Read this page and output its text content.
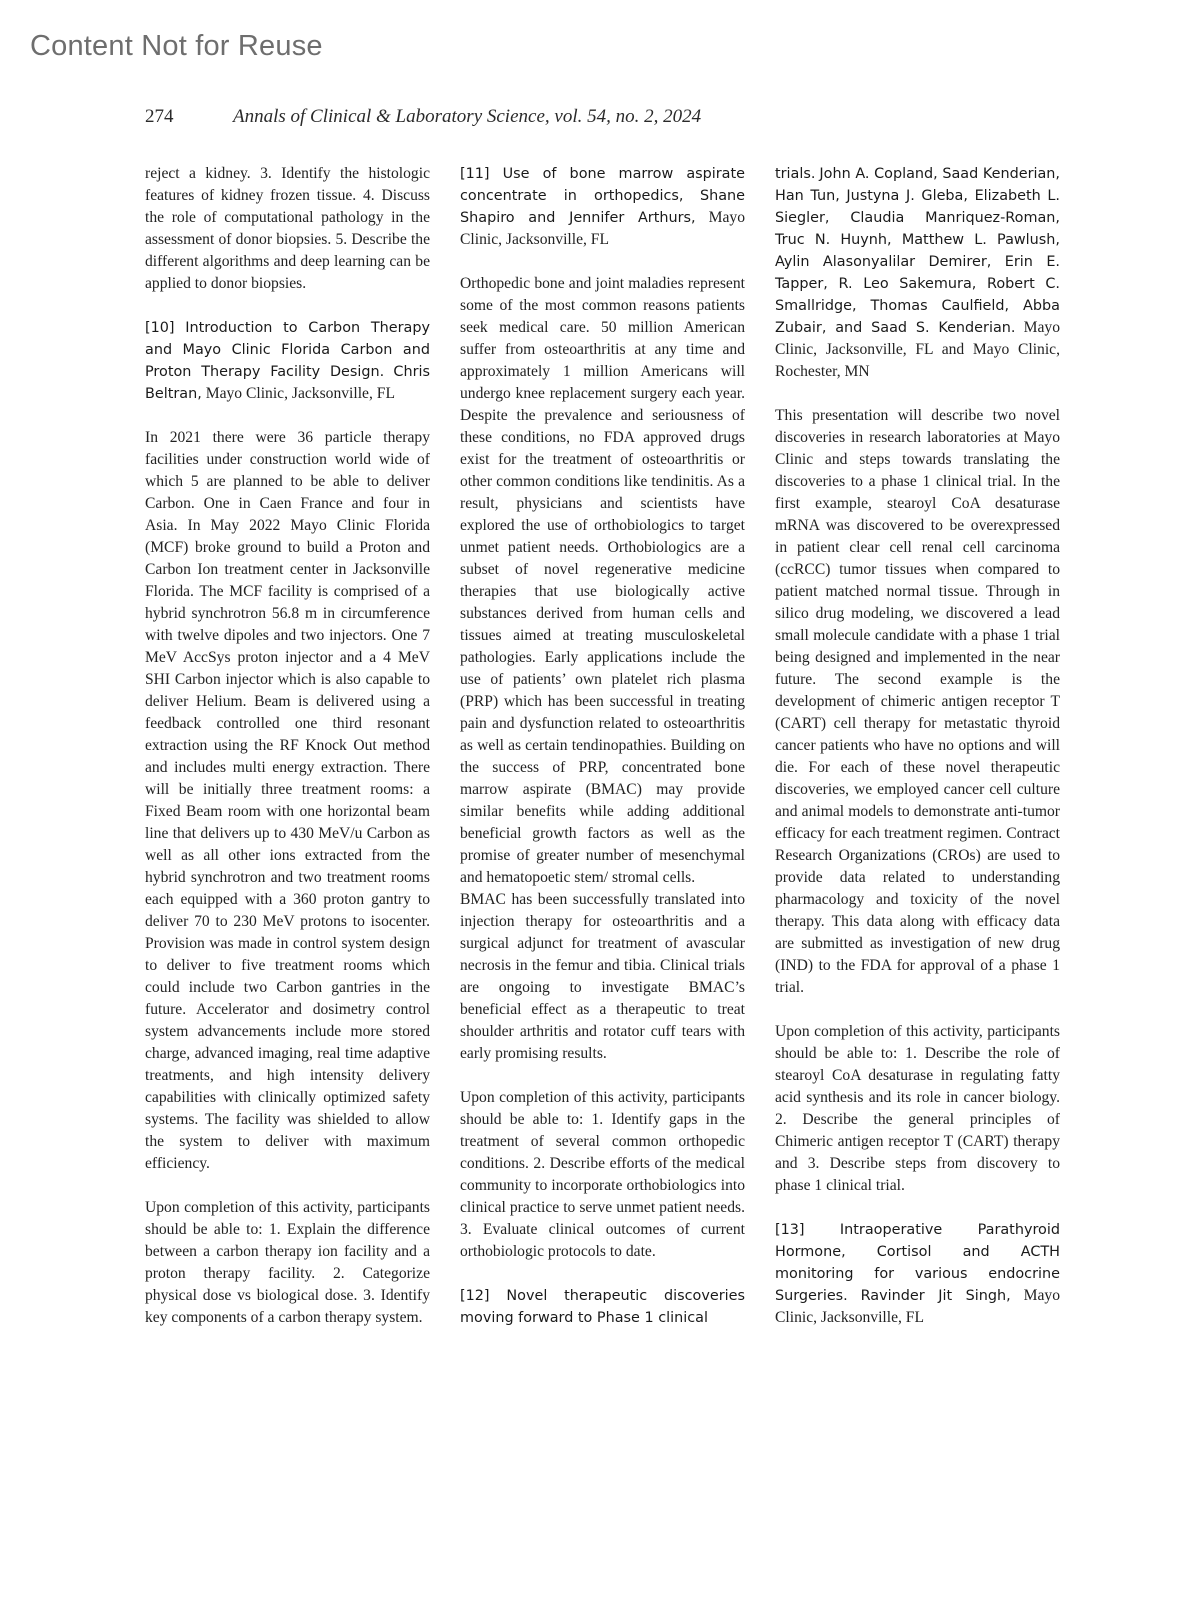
Content Not for Reuse
274	Annals of Clinical & Laboratory Science, vol. 54, no. 2, 2024

reject a kidney. 3. Identify the histologic features of kidney frozen tissue. 4. Discuss the role of computational pathology in the assessment of donor biopsies. 5. Describe the different algorithms and deep learning can be applied to donor biopsies.

[10] Introduction to Carbon Therapy and Mayo Clinic Florida Carbon and Proton Therapy Facility Design. Chris Beltran, Mayo Clinic, Jacksonville, FL

In 2021 there were 36 particle therapy facilities under construction world wide of which 5 are planned to be able to deliver Carbon. One in Caen France and four in Asia. In May 2022 Mayo Clinic Florida (MCF) broke ground to build a Proton and Carbon Ion treatment center in Jacksonville Florida. The MCF facility is comprised of a hybrid synchrotron 56.8 m in circumference with twelve dipoles and two injectors. One 7 MeV AccSys proton injector and a 4 MeV SHI Carbon injector which is also capable to deliver Helium. Beam is delivered using a feedback controlled one third resonant extraction using the RF Knock Out method and includes multi energy extraction. There will be initially three treatment rooms: a Fixed Beam room with one horizontal beam line that delivers up to 430 MeV/u Carbon as well as all other ions extracted from the hybrid synchrotron and two treatment rooms each equipped with a 360 proton gantry to deliver 70 to 230 MeV protons to isocenter. Provision was made in control system design to deliver to five treatment rooms which could include two Carbon gantries in the future. Accelerator and dosimetry control system advancements include more stored charge, advanced imaging, real time adaptive treatments, and high intensity delivery capabilities with clinically optimized safety systems. The facility was shielded to allow the system to deliver with maximum efficiency.

Upon completion of this activity, participants should be able to: 1. Explain the difference between a carbon therapy ion facility and a proton therapy facility. 2. Categorize physical dose vs biological dose. 3. Identify key components of a carbon therapy system.

[11] Use of bone marrow aspirate concentrate in orthopedics, Shane Shapiro and Jennifer Arthurs, Mayo Clinic, Jacksonville, FL

Orthopedic bone and joint maladies represent some of the most common reasons patients seek medical care. 50 million American suffer from osteoarthritis at any time and approximately 1 million Americans will undergo knee replacement surgery each year. Despite the prevalence and seriousness of these conditions, no FDA approved drugs exist for the treatment of osteoarthritis or other common conditions like tendinitis. As a result, physicians and scientists have explored the use of orthobiologics to target unmet patient needs. Orthobiologics are a subset of novel regenerative medicine therapies that use biologically active substances derived from human cells and tissues aimed at treating musculoskeletal pathologies. Early applications include the use of patients’ own platelet rich plasma (PRP) which has been successful in treating pain and dysfunction related to osteoarthritis as well as certain tendinopathies. Building on the success of PRP, concentrated bone marrow aspirate (BMAC) may provide similar benefits while adding additional beneficial growth factors as well as the promise of greater number of mesenchymal and hematopoetic stem/ stromal cells.

BMAC has been successfully translated into injection therapy for osteoarthritis and a surgical adjunct for treatment of avascular necrosis in the femur and tibia. Clinical trials are ongoing to investigate BMAC’s beneficial effect as a therapeutic to treat shoulder arthritis and rotator cuff tears with early promising results.

Upon completion of this activity, participants should be able to: 1. Identify gaps in the treatment of several common orthopedic conditions. 2. Describe efforts of the medical community to incorporate orthobiologics into clinical practice to serve unmet patient needs. 3. Evaluate clinical outcomes of current orthobiologic protocols to date.

[12] Novel therapeutic discoveries moving forward to Phase 1 clinical
trials. John A. Copland, Saad Kenderian, Han Tun, Justyna J. Gleba, Elizabeth L. Siegler, Claudia Manriquez-Roman, Truc N. Huynh, Matthew L. Pawlush, Aylin Alasonyalilar Demirer, Erin E. Tapper, R. Leo Sakemura, Robert C. Smallridge, Thomas Caulfield, Abba Zubair, and Saad S. Kenderian. Mayo Clinic, Jacksonville, FL and Mayo Clinic, Rochester, MN

This presentation will describe two novel discoveries in research laboratories at Mayo Clinic and steps towards translating the discoveries to a phase 1 clinical trial. In the first example, stearoyl CoA desaturase mRNA was discovered to be overexpressed in patient clear cell renal cell carcinoma (ccRCC) tumor tissues when compared to patient matched normal tissue. Through in silico drug modeling, we discovered a lead small molecule candidate with a phase 1 trial being designed and implemented in the near future. The second example is the development of chimeric antigen receptor T (CART) cell therapy for metastatic thyroid cancer patients who have no options and will die. For each of these novel therapeutic discoveries, we employed cancer cell culture and animal models to demonstrate anti-tumor efficacy for each treatment regimen. Contract Research Organizations (CROs) are used to provide data related to understanding pharmacology and toxicity of the novel therapy. This data along with efficacy data are submitted as investigation of new drug (IND) to the FDA for approval of a phase 1 trial.

Upon completion of this activity, participants should be able to: 1. Describe the role of stearoyl CoA desaturase in regulating fatty acid synthesis and its role in cancer biology. 2. Describe the general principles of Chimeric antigen receptor T (CART) therapy and 3. Describe steps from discovery to phase 1 clinical trial.

[13] Intraoperative Parathyroid Hormone, Cortisol and ACTH monitoring for various endocrine Surgeries. Ravinder Jit Singh, Mayo Clinic, Jacksonville, FL
